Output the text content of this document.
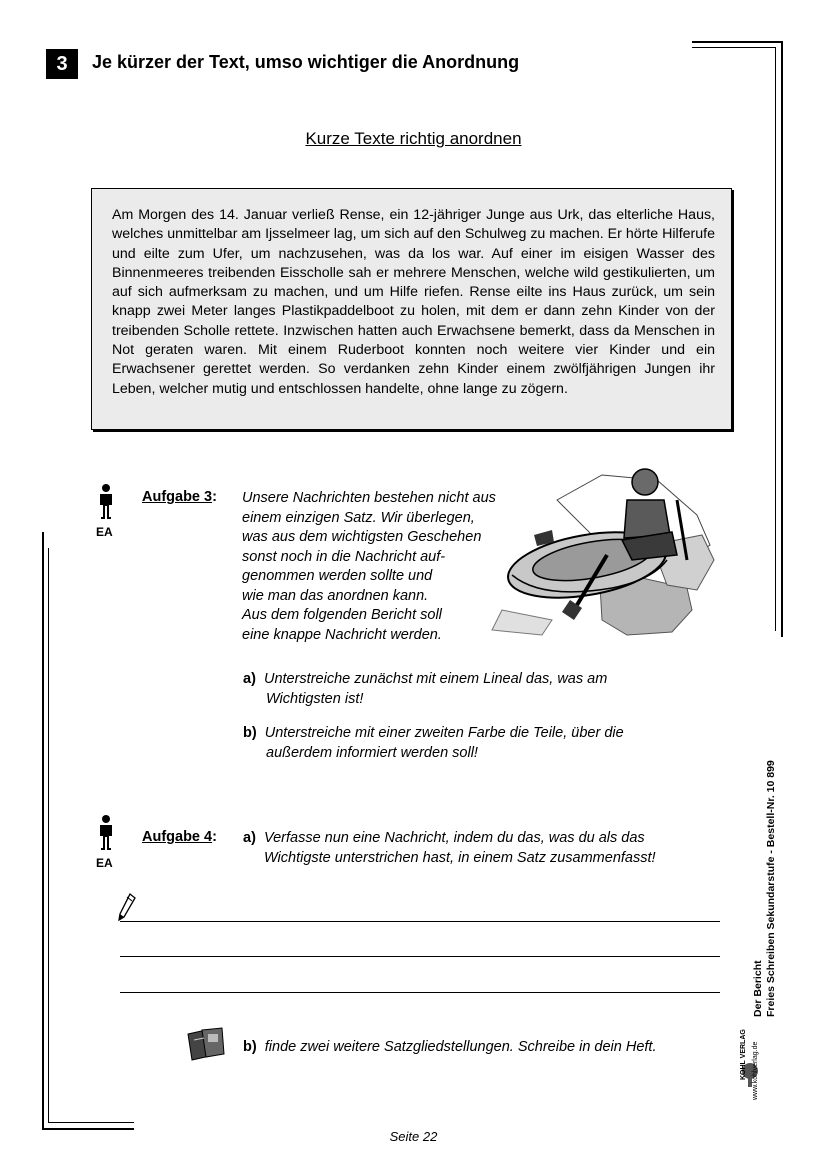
3	Je kürzer der Text, umso wichtiger die Anordnung
Kurze Texte richtig anordnen
Am Morgen des 14. Januar verließ Rense, ein 12-jähriger Junge aus Urk, das elterliche Haus, welches unmittelbar am Ijsselmeer lag, um sich auf den Schulweg zu machen. Er hörte Hilferufe und eilte zum Ufer, um nachzusehen, was da los war. Auf einer im eisigen Wasser des Binnenmeeres treibenden Eisscholle sah er mehrere Menschen, welche wild gestikulierten, um auf sich aufmerksam zu machen, und um Hilfe riefen. Rense eilte ins Haus zurück, um sein knapp zwei Meter langes Plastikpaddelboot zu holen, mit dem er dann zehn Kinder von der treibenden Scholle rettete. Inzwischen hatten auch Erwachsene bemerkt, dass da Menschen in Not geraten waren. Mit einem Ruderboot konnten noch weitere vier Kinder und ein Erwachsener gerettet werden. So verdanken zehn Kinder einem zwölfjährigen Jungen ihr Leben, welcher mutig und entschlossen handelte, ohne lange zu zögern.
EA
Aufgabe 3: Unsere Nachrichten bestehen nicht aus
einem einzigen Satz. Wir überlegen,
was aus dem wichtigsten Geschehen
sonst noch in die Nachricht auf-
genommen werden sollte und
wie man das anordnen kann.
Aus dem folgenden Bericht soll
eine knappe Nachricht werden.
a) Unterstreiche zunächst mit einem Lineal das, was am
Wichtigsten ist!
b) Unterstreiche mit einer zweiten Farbe die Teile, über die
außerdem informiert werden soll!
EA
Aufgabe 4: a) Verfasse nun eine Nachricht, indem du das, was du als das
Wichtigste unterstrichen hast, in einem Satz zusammenfasst!
b) finde zwei weitere Satzgliedstellungen. Schreibe in dein Heft.
Der Bericht Freies Schreiben Sekundarstufe - Bestell-Nr. 10 899
www.kohlverlag.de
KOHL VERLAG
Seite 22
